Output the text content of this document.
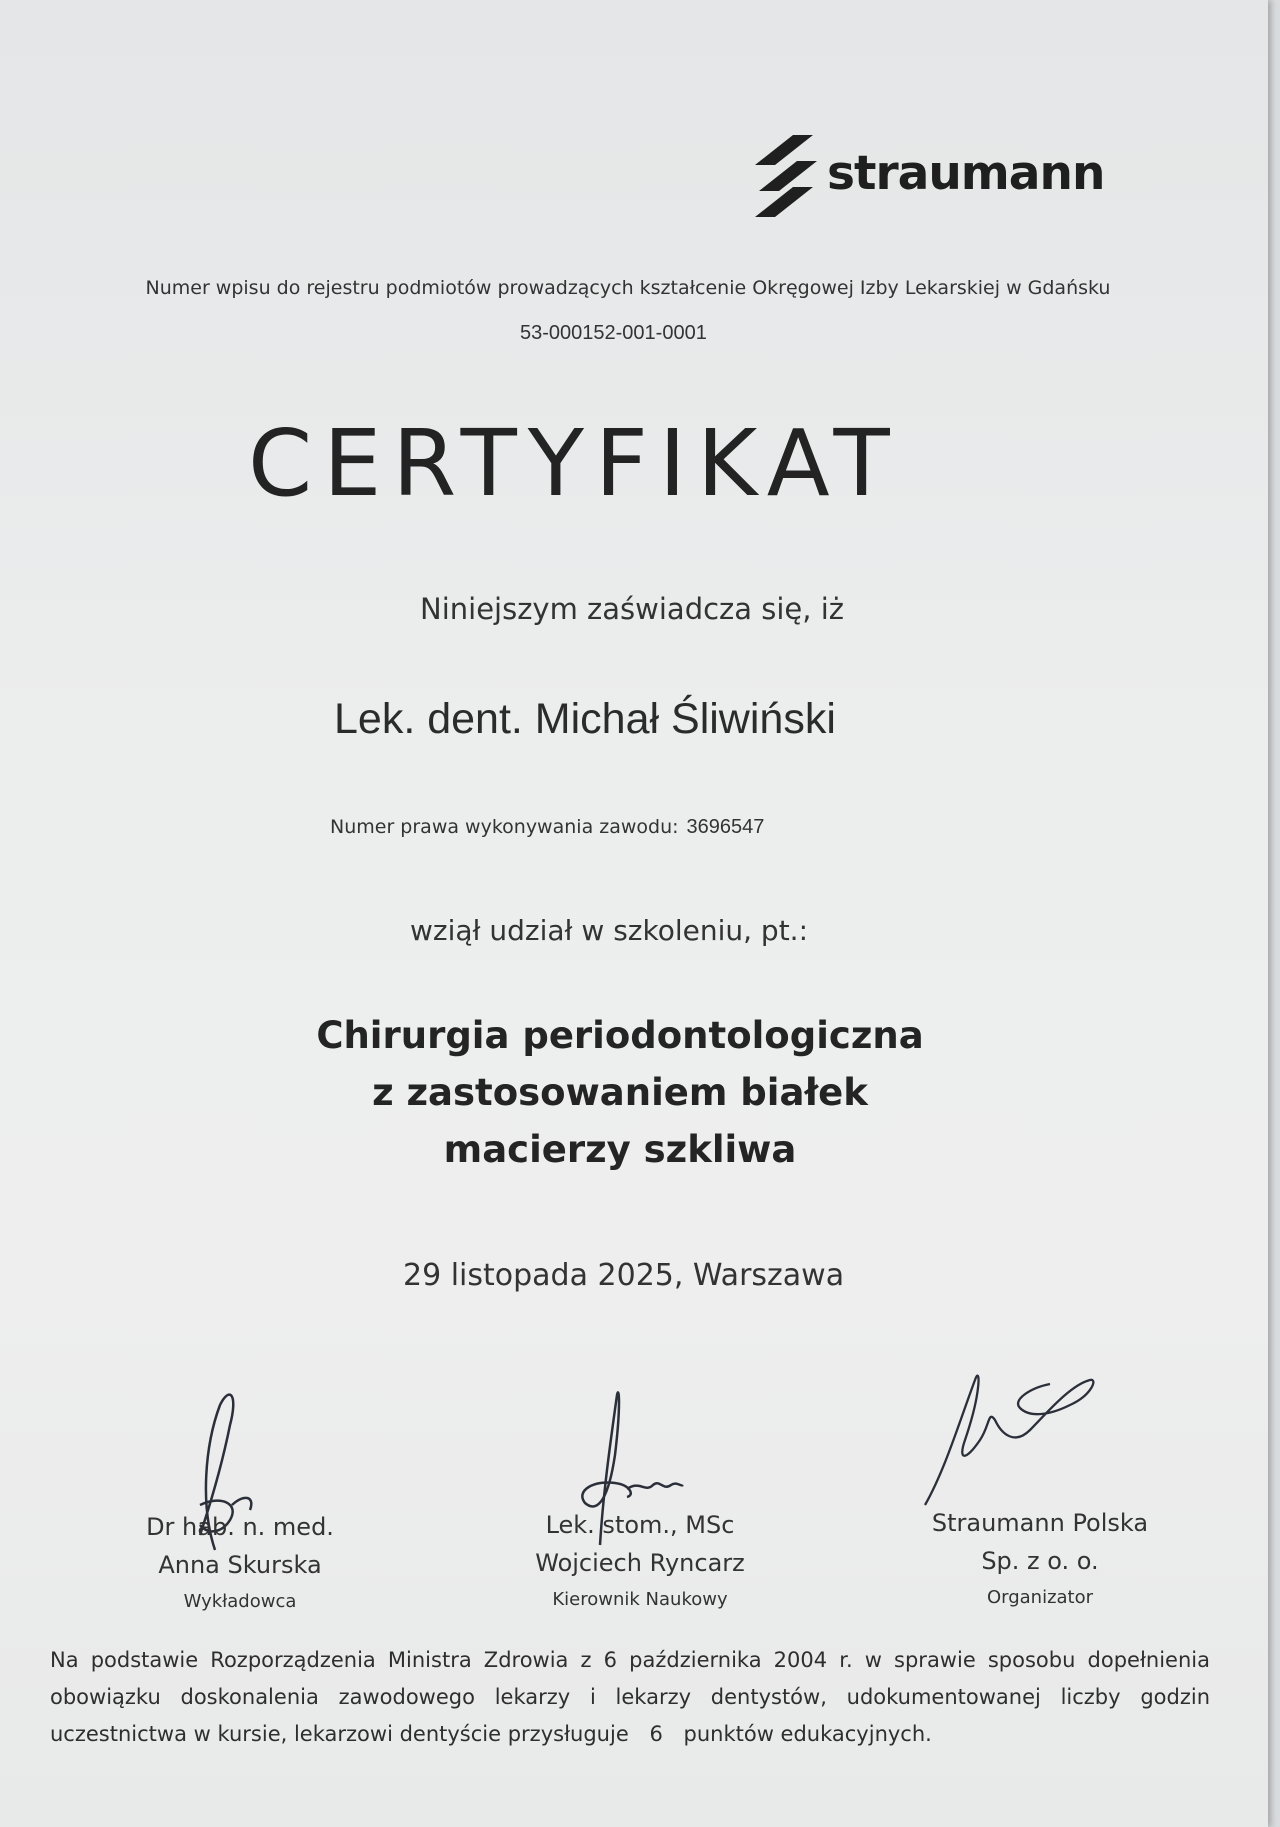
straumann
Numer wpisu do rejestru podmiotów prowadzących kształcenie Okręgowej Izby Lekarskiej w Gdańsku
53-000152-001-0001
CERTYFIKAT
Niniejszym zaświadcza się, iż
Lek. dent. Michał Śliwiński
Numer prawa wykonywania zawodu: 3696547
wziął udział w szkoleniu, pt.:
Chirurgia periodontologiczna
z zastosowaniem białek
macierzy szkliwa
29 listopada 2025, Warszawa
Dr hab. n. med.
Anna Skurska
Wykładowca
Lek. stom., MSc
Wojciech Ryncarz
Kierownik Naukowy
Straumann Polska
Sp. z o. o.
Organizator
Na podstawie Rozporządzenia Ministra Zdrowia z 6 października 2004 r. w sprawie sposobu dopełnienia obowiązku doskonalenia zawodowego lekarzy i lekarzy dentystów, udokumentowanej liczby godzin uczestnictwa w kursie, lekarzowi dentyście przysługuje 6 punktów edukacyjnych.
